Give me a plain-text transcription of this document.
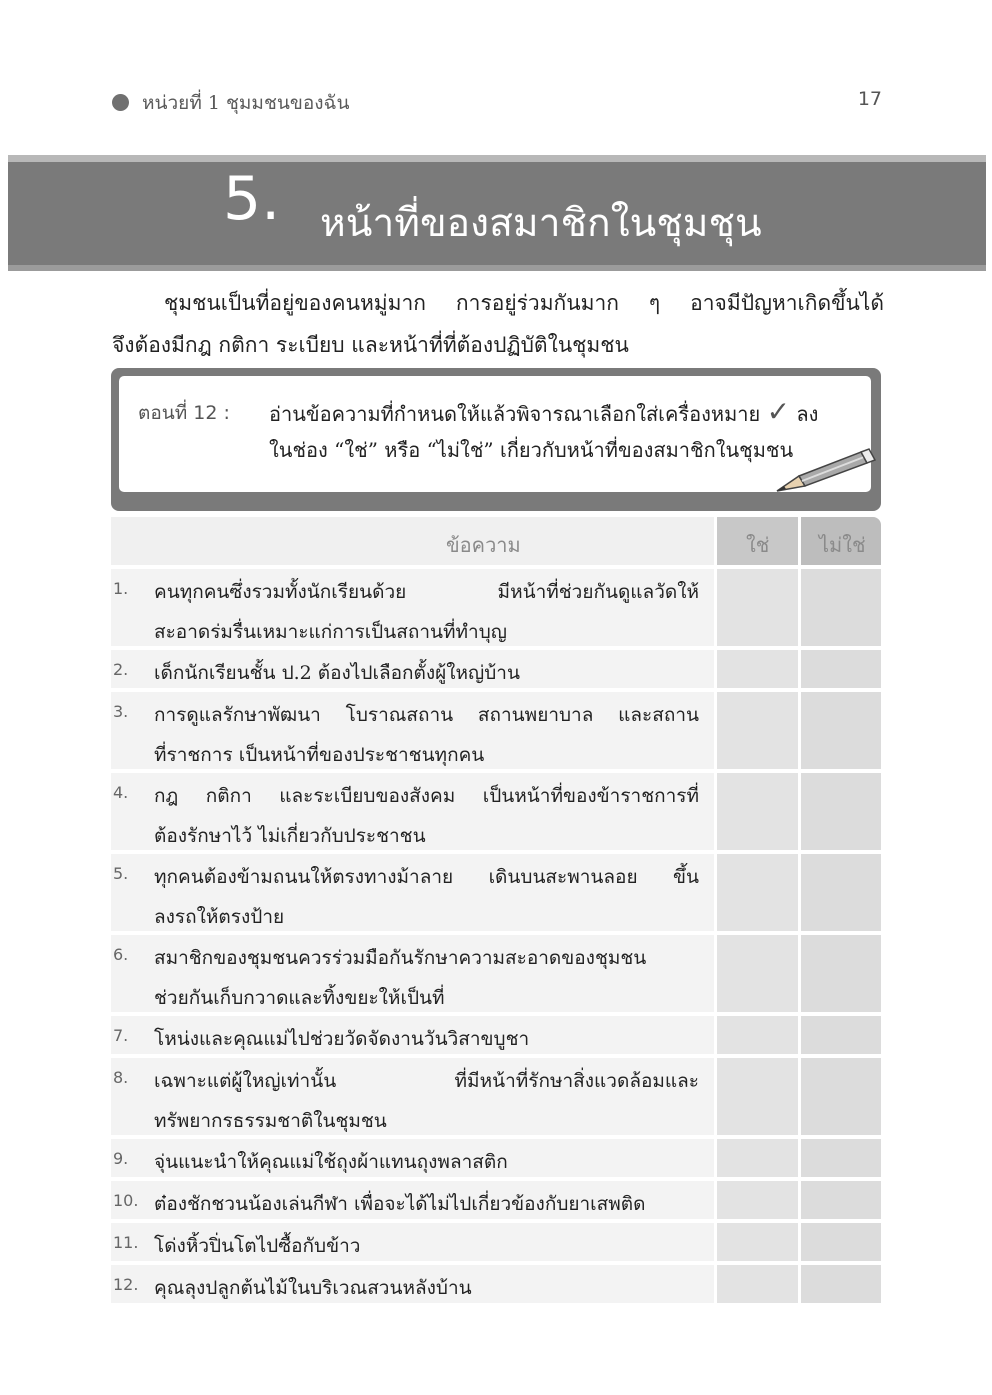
หน่วยที่ 1 ชุมมชนของฉัน	17
5. หน้าที่ของสมาชิกในชุมชุน
ชุมชนเป็นที่อยู่ของคนหมู่มาก การอยู่ร่วมกันมาก ๆ อาจมีปัญหาเกิดขึ้นได้
จึงต้องมีกฎ กติกา ระเบียบ และหน้าที่ที่ต้องปฏิบัติในชุมชน
ตอนที่ 12 : อ่านข้อความที่กำหนดให้แล้วพิจารณาเลือกใส่เครื่องหมาย ✓ ลง
ในช่อง “ใช่” หรือ “ไม่ใช่” เกี่ยวกับหน้าที่ของสมาชิกในชุมชน
ข้อความ	ใช่ ไม่ใช่
1. คนทุกคนซึ่งรวมทั้งนักเรียนด้วย มีหน้าที่ช่วยกันดูแลวัดให้
สะอาดร่มรื่นเหมาะแก่การเป็นสถานที่ทำบุญ
2. เด็กนักเรียนชั้น ป.2 ต้องไปเลือกตั้งผู้ใหญ่บ้าน
3. การดูแลรักษาพัฒนา โบราณสถาน สถานพยาบาล และสถาน
ที่ราชการ เป็นหน้าที่ของประชาชนทุกคน
4. กฎ กติกา และระเบียบของสังคม เป็นหน้าที่ของข้าราชการที่
ต้องรักษาไว้ ไม่เกี่ยวกับประชาชน
5. ทุกคนต้องข้ามถนนให้ตรงทางม้าลาย เดินบนสะพานลอย ขึ้น
ลงรถให้ตรงป้าย
6. สมาชิกของชุมชนควรร่วมมือกันรักษาความสะอาดของชุมชน
ช่วยกันเก็บกวาดและทิ้งขยะให้เป็นที่
7. โหน่งและคุณแม่ไปช่วยวัดจัดงานวันวิสาขบูชา
8. เฉพาะแต่ผู้ใหญ่เท่านั้น ที่มีหน้าที่รักษาสิ่งแวดล้อมและ
ทรัพยากรธรรมชาติในชุมชน
9. จุ่นแนะนำให้คุณแม่ใช้ถุงผ้าแทนถุงพลาสติก
10. ต๋องชักชวนน้องเล่นกีฬา เพื่อจะได้ไม่ไปเกี่ยวข้องกับยาเสพติด
11. โด่งหิ้วปิ่นโตไปซื้อกับข้าว
12. คุณลุงปลูกต้นไม้ในบริเวณสวนหลังบ้าน
